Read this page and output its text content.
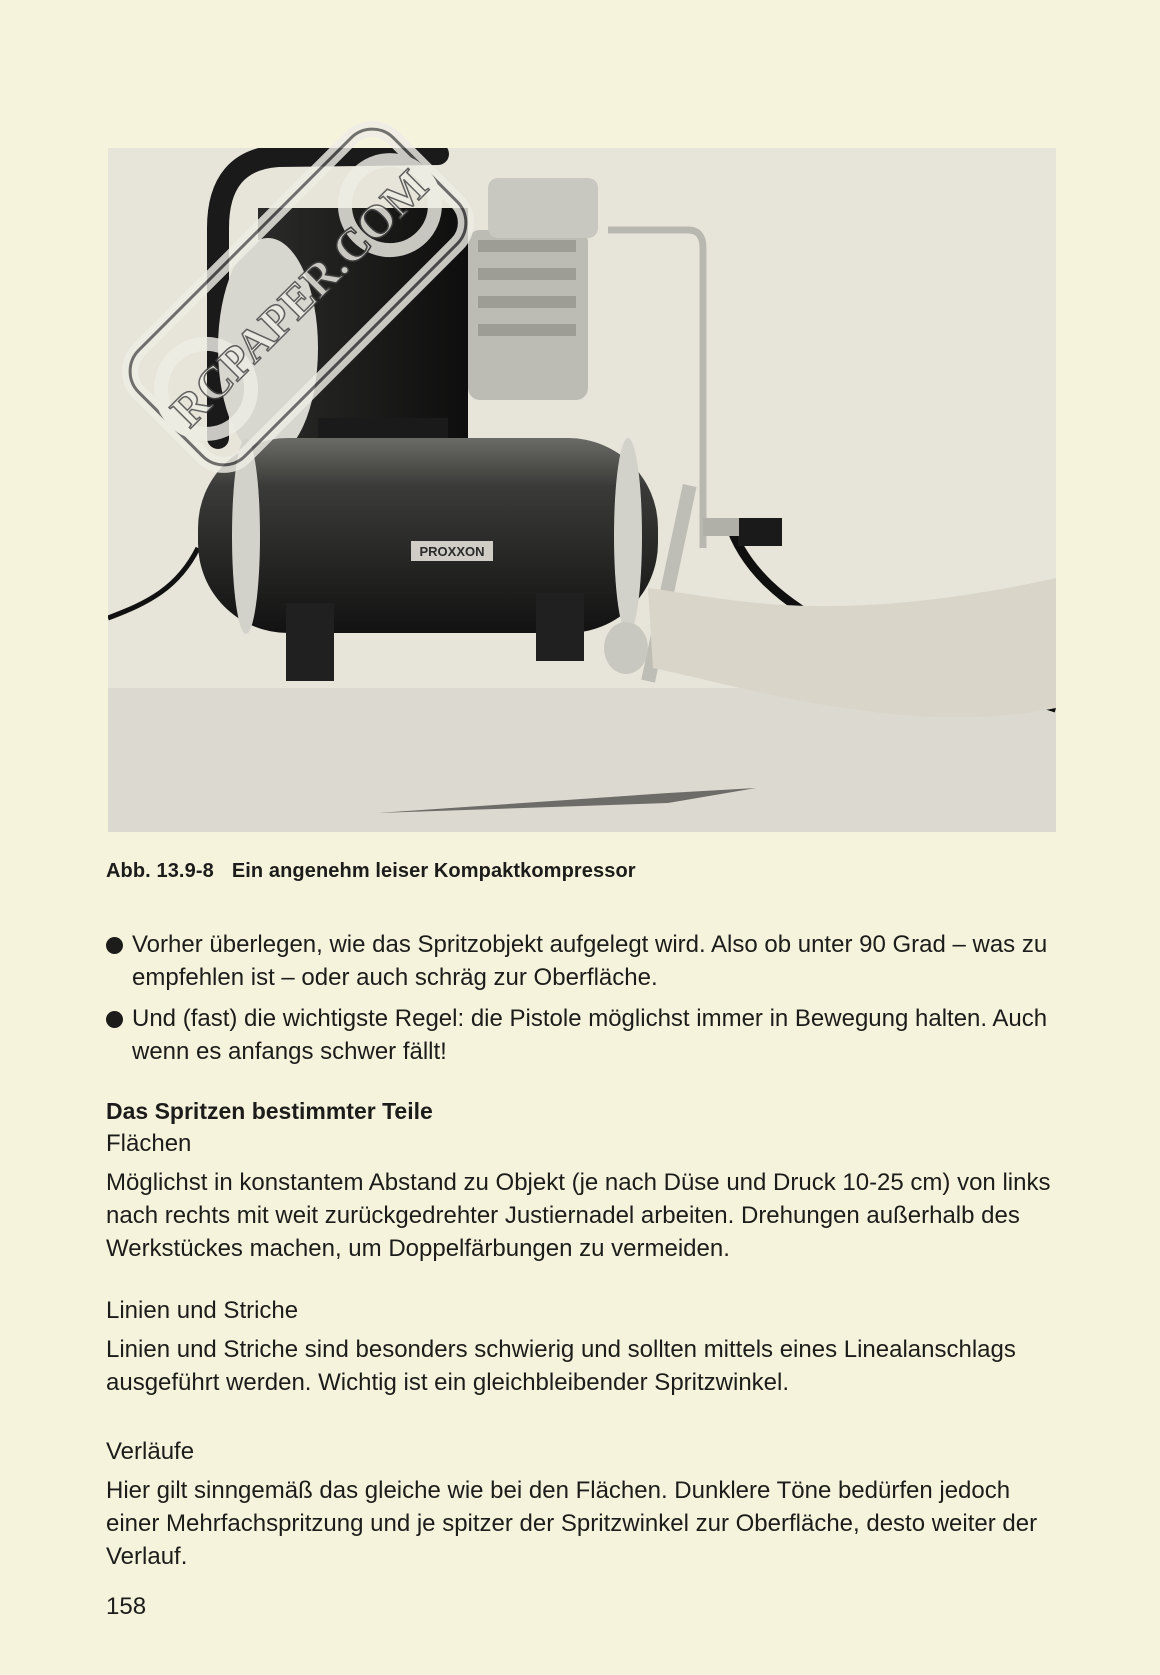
PROXXON
RCPAPER.COM
Abb. 13.9-8 Ein angenehm leiser Kompaktkompressor
Vorher überlegen, wie das Spritzobjekt aufgelegt wird. Also ob unter 90 Grad – was zu empfehlen ist – oder auch schräg zur Oberfläche.
Und (fast) die wichtigste Regel: die Pistole möglichst immer in Bewegung halten. Auch wenn es anfangs schwer fällt!
Das Spritzen bestimmter Teile
Flächen
Möglichst in konstantem Abstand zu Objekt (je nach Düse und Druck 10-25 cm) von links nach rechts mit weit zurückgedrehter Justiernadel arbeiten. Drehungen außerhalb des Werkstückes machen, um Doppelfärbungen zu vermeiden.
Linien und Striche
Linien und Striche sind besonders schwierig und sollten mittels eines Linealanschlags ausgeführt werden. Wichtig ist ein gleichbleibender Spritzwinkel.
Verläufe
Hier gilt sinngemäß das gleiche wie bei den Flächen. Dunklere Töne bedürfen jedoch einer Mehrfachspritzung und je spitzer der Spritzwinkel zur Oberfläche, desto weiter der Verlauf.
158
